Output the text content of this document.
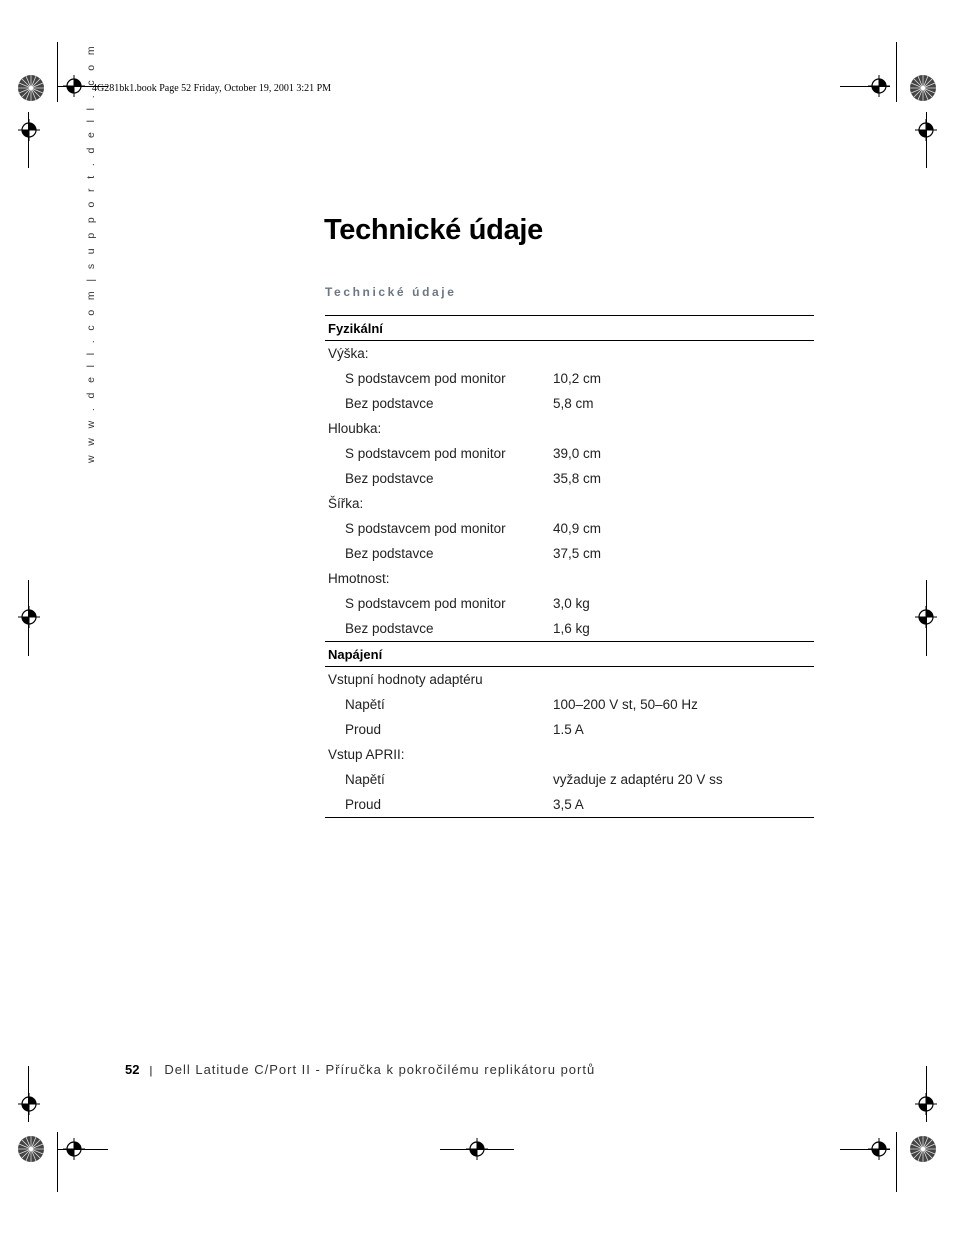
4G281bk1.book Page 52 Friday, October 19, 2001 3:21 PM
w w w . d e l l . c o m | s u p p o r t . d e l l . c o m	Technické údaje
Technické údaje
Fyzikální	
Výška:	
S podstavcem pod monitor	10,2 cm
Bez podstavce	5,8 cm
Hloubka:	
S podstavcem pod monitor	39,0 cm
Bez podstavce	35,8 cm
Šířka:	
S podstavcem pod monitor	40,9 cm
Bez podstavce	37,5 cm
Hmotnost:	
S podstavcem pod monitor	3,0 kg
Bez podstavce	1,6 kg
Napájení	
Vstupní hodnoty adaptéru	
Napětí	100–200 V st, 50–60 Hz
Proud	1.5 A
Vstup APRII:	
Napětí	vyžaduje z adaptéru 20 V ss
Proud	3,5 A
52 | Dell Latitude C/Port II - Příručka k pokročilému replikátoru portů
